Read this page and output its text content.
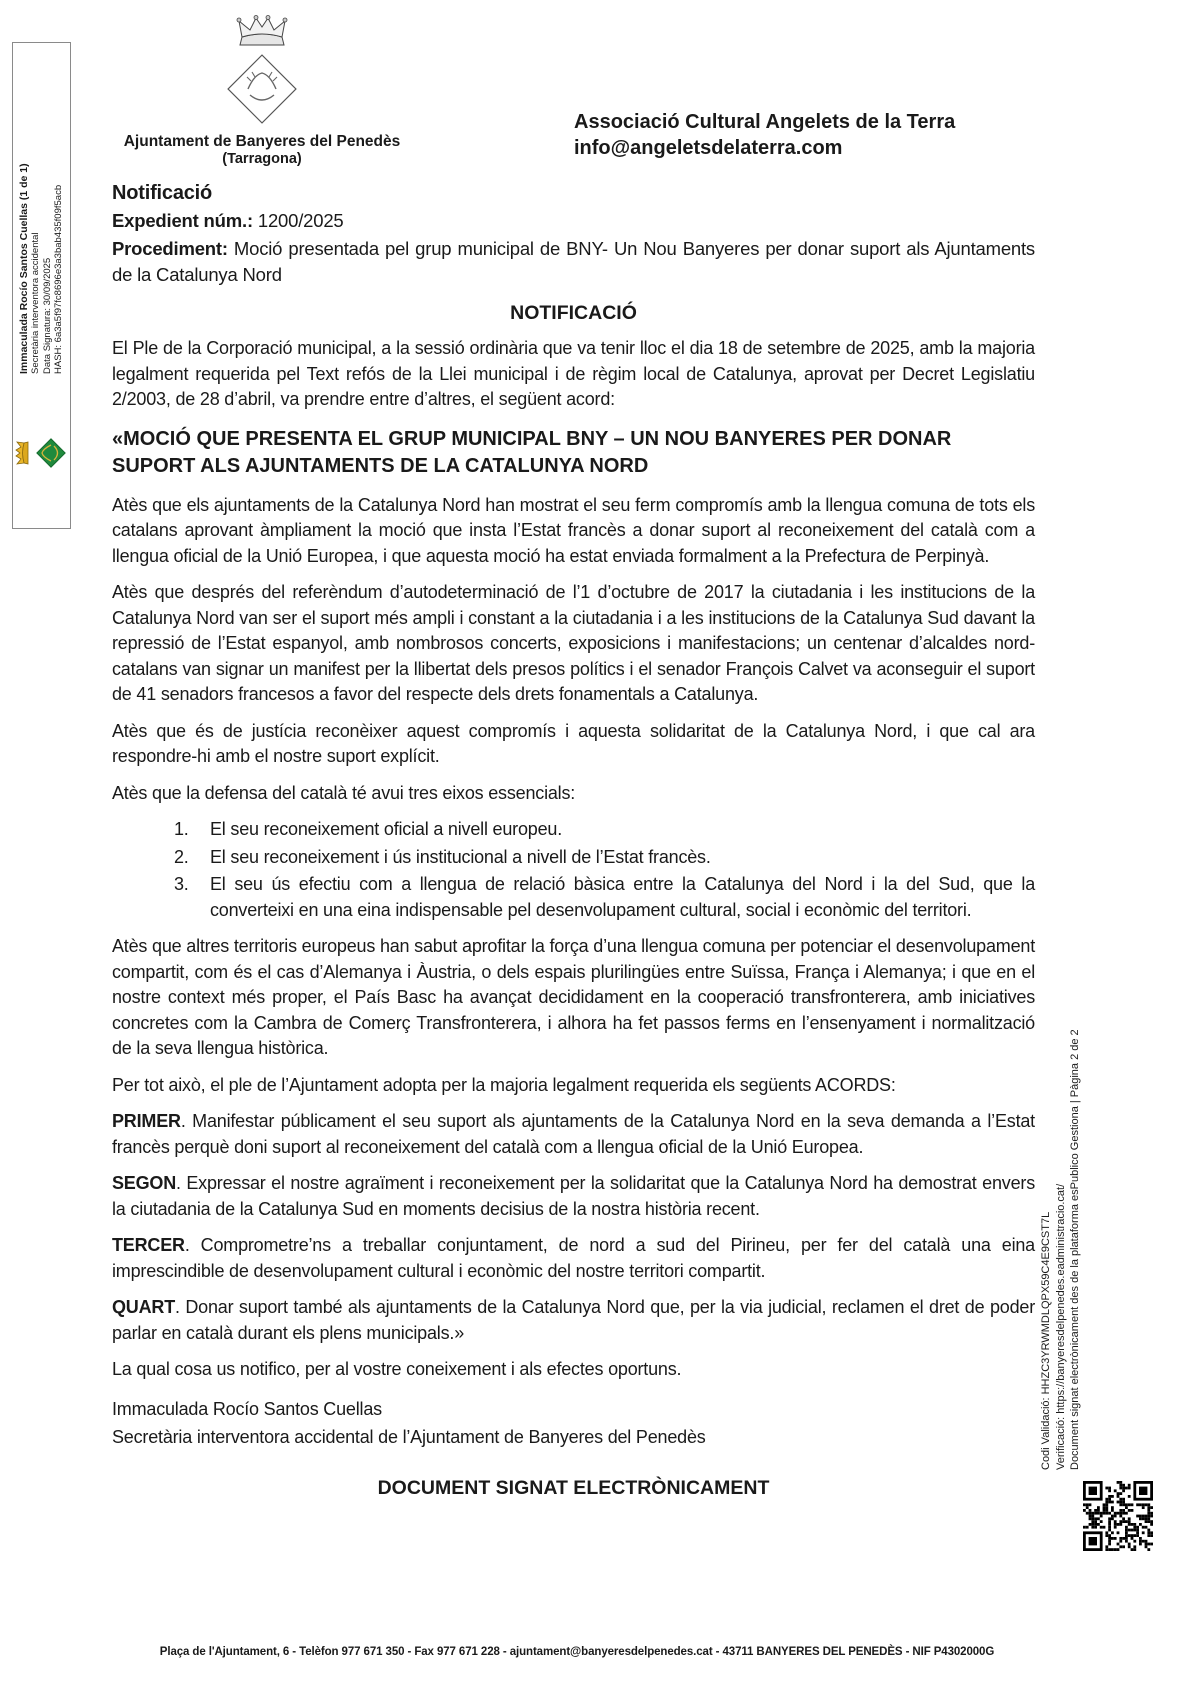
Immaculada Rocío Santos Cuellas (1 de 1) Secretària interventora accidental Data Signatura: 30/09/2025 HASH: 6a3a5f97fc8696e3a3bab435f09f5acb
Codi Validació: HHZC3YRWMDLQPX59C4E9CST7L Verificació: https://banyeresdelpenedes.eadministracio.cat/ Document signat electrònicament des de la plataforma esPublico Gestiona | Pàgina 2 de 2

Ajuntament de Banyeres del Penedès
(Tarragona)
Associació Cultural Angelets de la Terra
info@angeletsdelaterra.com

Notificació

Expedient núm.: 1200/2025

Procediment: Moció presentada pel grup municipal de BNY- Un Nou Banyeres per donar suport als Ajuntaments de la Catalunya Nord

NOTIFICACIÓ

El Ple de la Corporació municipal, a la sessió ordinària que va tenir lloc el dia 18 de setembre de 2025, amb la majoria legalment requerida pel Text refós de la Llei municipal i de règim local de Catalunya, aprovat per Decret Legislatiu 2/2003, de 28 d’abril, va prendre entre d’altres, el següent acord:

«MOCIÓ QUE PRESENTA EL GRUP MUNICIPAL BNY – UN NOU BANYERES PER DONAR SUPORT ALS AJUNTAMENTS DE LA CATALUNYA NORD

Atès que els ajuntaments de la Catalunya Nord han mostrat el seu ferm compromís amb la llengua comuna de tots els catalans aprovant àmpliament la moció que insta l’Estat francès a donar suport al reconeixement del català com a llengua oficial de la Unió Europea, i que aquesta moció ha estat enviada formalment a la Prefectura de Perpinyà.

Atès que després del referèndum d’autodeterminació de l’1 d’octubre de 2017 la ciutadania i les institucions de la Catalunya Nord van ser el suport més ampli i constant a la ciutadania i a les institucions de la Catalunya Sud davant la repressió de l’Estat espanyol, amb nombrosos concerts, exposicions i manifestacions; un centenar d’alcaldes nord-catalans van signar un manifest per la llibertat dels presos polítics i el senador François Calvet va aconseguir el suport de 41 senadors francesos a favor del respecte dels drets fonamentals a Catalunya.

Atès que és de justícia reconèixer aquest compromís i aquesta solidaritat de la Catalunya Nord, i que cal ara respondre-hi amb el nostre suport explícit.

Atès que la defensa del català té avui tres eixos essencials:

1.	El seu reconeixement oficial a nivell europeu.
2.	El seu reconeixement i ús institucional a nivell de l’Estat francès.
3.	El seu ús efectiu com a llengua de relació bàsica entre la Catalunya del Nord i la del Sud, que la converteixi en una eina indispensable pel desenvolupament cultural, social i econòmic del territori.

Atès que altres territoris europeus han sabut aprofitar la força d’una llengua comuna per potenciar el desenvolupament compartit, com és el cas d’Alemanya i Àustria, o dels espais plurilingües entre Suïssa, França i Alemanya; i que en el nostre context més proper, el País Basc ha avançat decididament en la cooperació transfronterera, amb iniciatives concretes com la Cambra de Comerç Transfronterera, i alhora ha fet passos ferms en l’ensenyament i normalització de la seva llengua històrica.

Per tot això, el ple de l’Ajuntament adopta per la majoria legalment requerida els següents ACORDS:

PRIMER. Manifestar públicament el seu suport als ajuntaments de la Catalunya Nord en la seva demanda a l’Estat francès perquè doni suport al reconeixement del català com a llengua oficial de la Unió Europea.

SEGON. Expressar el nostre agraïment i reconeixement per la solidaritat que la Catalunya Nord ha demostrat envers la ciutadania de la Catalunya Sud en moments decisius de la nostra història recent.

TERCER. Comprometre’ns a treballar conjuntament, de nord a sud del Pirineu, per fer del català una eina imprescindible de desenvolupament cultural i econòmic del nostre territori compartit.

QUART. Donar suport també als ajuntaments de la Catalunya Nord que, per la via judicial, reclamen el dret de poder parlar en català durant els plens municipals.»

La qual cosa us notifico, per al vostre coneixement i als efectes oportuns.

Immaculada Rocío Santos Cuellas
Secretària interventora accidental de l’Ajuntament de Banyeres del Penedès
DOCUMENT SIGNAT ELECTRÒNICAMENT
Plaça de l'Ajuntament, 6 - Telèfon 977 671 350 - Fax 977 671 228 - ajuntament@banyeresdelpenedes.cat - 43711 BANYERES DEL PENEDÈS - NIF P4302000G
